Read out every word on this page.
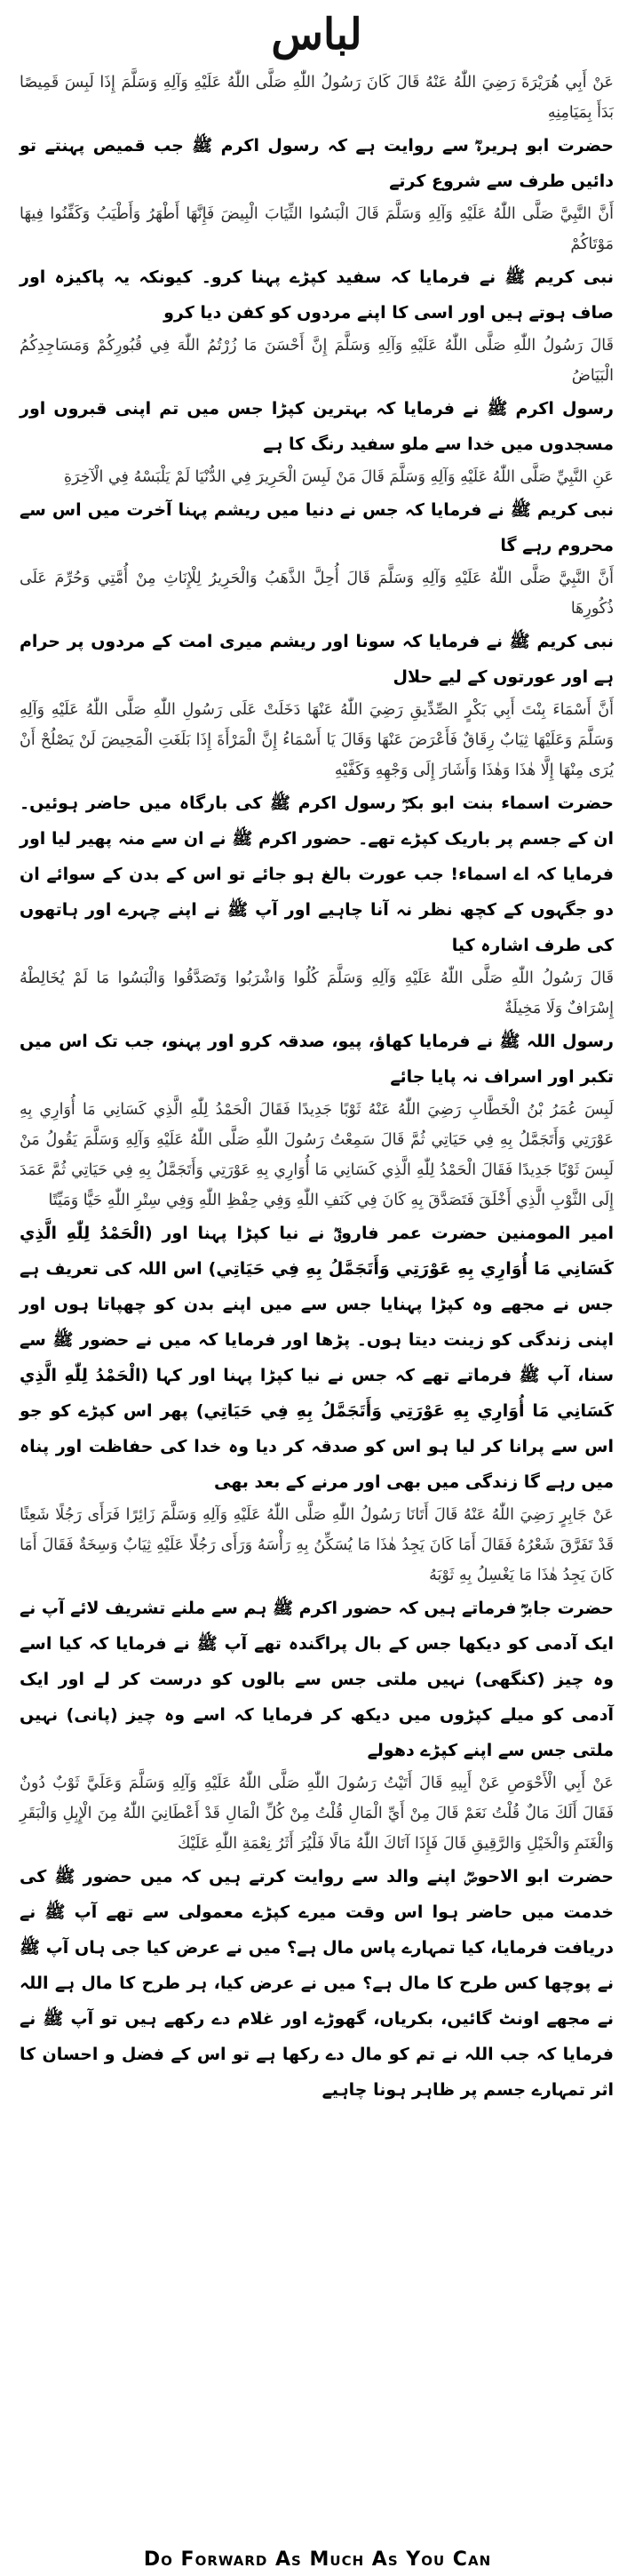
لباس

عَنْ أَبِي هُرَيْرَةَ رَضِيَ اللّٰهُ عَنْهُ قَالَ كَانَ رَسُولُ اللّٰهِ صَلَّى اللّٰهُ عَلَيْهِ وَآلِهِ وَسَلَّمَ إِذَا لَبِسَ قَمِيصًا بَدَأَ بِمَيَامِنِهِ

حضرت ابو ہریرہؓ سے روایت ہے کہ رسول اکرم ﷺ جب قمیص پہنتے تو دائیں طرف سے شروع کرتے

أَنَّ النَّبِيَّ صَلَّى اللّٰهُ عَلَيْهِ وَآلِهِ وَسَلَّمَ قَالَ الْبَسُوا الثِّيَابَ الْبِيضَ فَإِنَّهَا أَطْهَرُ وَأَطْيَبُ وَكَفِّنُوا فِيهَا مَوْتَاكُمْ

نبی کریم ﷺ نے فرمایا کہ سفید کپڑے پہنا کرو۔ کیونکہ یہ پاکیزہ اور صاف ہوتے ہیں اور اسی کا اپنے مردوں کو کفن دیا کرو

قَالَ رَسُولُ اللّٰهِ صَلَّى اللّٰهُ عَلَيْهِ وَآلِهِ وَسَلَّمَ إِنَّ أَحْسَنَ مَا زُرْتُمُ اللّٰهَ فِي قُبُورِكُمْ وَمَسَاجِدِكُمُ الْبَيَاضُ

رسول اکرم ﷺ نے فرمایا کہ بہترین کپڑا جس میں تم اپنی قبروں اور مسجدوں میں خدا سے ملو سفید رنگ کا ہے

عَنِ النَّبِيِّ صَلَّى اللّٰهُ عَلَيْهِ وَآلِهِ وَسَلَّمَ قَالَ مَنْ لَبِسَ الْحَرِيرَ فِي الدُّنْيَا لَمْ يَلْبَسْهُ فِي الْآخِرَةِ

نبی کریم ﷺ نے فرمایا کہ جس نے دنیا میں ریشم پہنا آخرت میں اس سے محروم رہے گا

أَنَّ النَّبِيَّ صَلَّى اللّٰهُ عَلَيْهِ وَآلِهِ وَسَلَّمَ قَالَ أُحِلَّ الذَّهَبُ وَالْحَرِيرُ لِلْإِنَاثِ مِنْ أُمَّتِي وَحُرِّمَ عَلَى ذُكُورِهَا

نبی کریم ﷺ نے فرمایا کہ سونا اور ریشم میری امت کے مردوں پر حرام ہے اور عورتوں کے لیے حلال

أَنَّ أَسْمَاءَ بِنْتَ أَبِي بَكْرٍ الصِّدِّيقِ رَضِيَ اللّٰهُ عَنْهَا دَخَلَتْ عَلَى رَسُولِ اللّٰهِ صَلَّى اللّٰهُ عَلَيْهِ وَآلِهِ وَسَلَّمَ وَعَلَيْهَا ثِيَابٌ رِقَاقٌ فَأَعْرَضَ عَنْهَا وَقَالَ يَا أَسْمَاءُ إِنَّ الْمَرْأَةَ إِذَا بَلَغَتِ الْمَحِيضَ لَنْ يَصْلُحْ أَنْ يُرَى مِنْهَا إِلَّا هٰذَا وَهٰذَا وَأَشَارَ إِلَى وَجْهِهِ وَكَفَّيْهِ

حضرت اسماء بنت ابو بکرؓ رسول اکرم ﷺ کی بارگاہ میں حاضر ہوئیں۔ ان کے جسم پر باریک کپڑے تھے۔ حضور اکرم ﷺ نے ان سے منہ پھیر لیا اور فرمایا کہ اے اسماء! جب عورت بالغ ہو جائے تو اس کے بدن کے سوائے ان دو جگہوں کے کچھ نظر نہ آنا چاہیے اور آپ ﷺ نے اپنے چہرے اور ہاتھوں کی طرف اشارہ کیا

قَالَ رَسُولُ اللّٰهِ صَلَّى اللّٰهُ عَلَيْهِ وَآلِهِ وَسَلَّمَ كُلُوا وَاشْرَبُوا وَتَصَدَّقُوا وَالْبَسُوا مَا لَمْ يُخَالِطْهُ إِسْرَافٌ وَلَا مَخِيلَةٌ

رسول اللہ ﷺ نے فرمایا کھاؤ، پیو، صدقہ کرو اور پہنو، جب تک اس میں تکبر اور اسراف نہ پایا جائے

لَبِسَ عُمَرُ بْنُ الْخَطَّابِ رَضِيَ اللّٰهُ عَنْهُ ثَوْبًا جَدِيدًا فَقَالَ الْحَمْدُ لِلّٰهِ الَّذِي كَسَانِي مَا أُوَارِي بِهِ عَوْرَتِي وَأَتَجَمَّلُ بِهِ فِي حَيَاتِي ثُمَّ قَالَ سَمِعْتُ رَسُولَ اللّٰهِ صَلَّى اللّٰهُ عَلَيْهِ وَآلِهِ وَسَلَّمَ يَقُولُ مَنْ لَبِسَ ثَوْبًا جَدِيدًا فَقَالَ الْحَمْدُ لِلّٰهِ الَّذِي كَسَانِي مَا أُوَارِي بِهِ عَوْرَتِي وَأَتَجَمَّلُ بِهِ فِي حَيَاتِي ثُمَّ عَمَدَ إِلَى الثَّوْبِ الَّذِي أَخْلَقَ فَتَصَدَّقَ بِهِ كَانَ فِي كَنَفِ اللّٰهِ وَفِي حِفْظِ اللّٰهِ وَفِي سِتْرِ اللّٰهِ حَيًّا وَمَيِّتًا

امیر المومنین حضرت عمر فاروقؓ نے نیا کپڑا پہنا اور (الْحَمْدُ لِلّٰهِ الَّذِي كَسَانِي مَا أُوَارِي بِهِ عَوْرَتِي وَأَتَجَمَّلُ بِهِ فِي حَيَاتِي) اس اللہ کی تعریف ہے جس نے مجھے وہ کپڑا پہنایا جس سے میں اپنے بدن کو چھپاتا ہوں اور اپنی زندگی کو زینت دیتا ہوں۔ پڑھا اور فرمایا کہ میں نے حضور ﷺ سے سنا، آپ ﷺ فرماتے تھے کہ جس نے نیا کپڑا پہنا اور کہا (الْحَمْدُ لِلّٰهِ الَّذِي كَسَانِي مَا أُوَارِي بِهِ عَوْرَتِي وَأَتَجَمَّلُ بِهِ فِي حَيَاتِي) پھر اس کپڑے کو جو اس سے پرانا کر لیا ہو اس کو صدقہ کر دیا وہ خدا کی حفاظت اور پناہ میں رہے گا زندگی میں بھی اور مرنے کے بعد بھی

عَنْ جَابِرٍ رَضِيَ اللّٰهُ عَنْهُ قَالَ أَتَانَا رَسُولُ اللّٰهِ صَلَّى اللّٰهُ عَلَيْهِ وَآلِهِ وَسَلَّمَ زَائِرًا فَرَأَى رَجُلًا شَعِثًا قَدْ تَفَرَّقَ شَعْرُهُ فَقَالَ أَمَا كَانَ يَجِدُ هٰذَا مَا يُسَكِّنُ بِهِ رَأْسَهُ وَرَأَى رَجُلًا عَلَيْهِ ثِيَابٌ وَسِخَةٌ فَقَالَ أَمَا كَانَ يَجِدُ هٰذَا مَا يَغْسِلُ بِهِ ثَوْبَهُ

حضرت جابرؓ فرماتے ہیں کہ حضور اکرم ﷺ ہم سے ملنے تشریف لائے آپ نے ایک آدمی کو دیکھا جس کے بال پراگندہ تھے آپ ﷺ نے فرمایا کہ کیا اسے وہ چیز (کنگھی) نہیں ملتی جس سے بالوں کو درست کر لے اور ایک آدمی کو میلے کپڑوں میں دیکھ کر فرمایا کہ اسے وہ چیز (پانی) نہیں ملتی جس سے اپنے کپڑے دھولے

عَنْ أَبِي الْأَحْوَصِ عَنْ أَبِيهِ قَالَ أَتَيْتُ رَسُولَ اللّٰهِ صَلَّى اللّٰهُ عَلَيْهِ وَآلِهِ وَسَلَّمَ وَعَلَيَّ ثَوْبٌ دُونٌ فَقَالَ أَلَكَ مَالٌ قُلْتُ نَعَمْ قَالَ مِنْ أَيِّ الْمَالِ قُلْتُ مِنْ كُلِّ الْمَالِ قَدْ أَعْطَانِيَ اللّٰهُ مِنَ الْإِبِلِ وَالْبَقَرِ وَالْغَنَمِ وَالْخَيْلِ وَالرَّقِيقِ قَالَ فَإِذَا آتَاكَ اللّٰهُ مَالًا فَلْيُرَ أَثَرُ نِعْمَةِ اللّٰهِ عَلَيْكَ

حضرت ابو الاحوصؓ اپنے والد سے روایت کرتے ہیں کہ میں حضور ﷺ کی خدمت میں حاضر ہوا اس وقت میرے کپڑے معمولی سے تھے آپ ﷺ نے دریافت فرمایا، کیا تمہارے پاس مال ہے؟ میں نے عرض کیا جی ہاں آپ ﷺ نے پوچھا کس طرح کا مال ہے؟ میں نے عرض کیا، ہر طرح کا مال ہے اللہ نے مجھے اونٹ گائیں، بکریاں، گھوڑے اور غلام دے رکھے ہیں تو آپ ﷺ نے فرمایا کہ جب اللہ نے تم کو مال دے رکھا ہے تو اس کے فضل و احسان کا اثر تمہارے جسم پر ظاہر ہونا چاہیے

Do Forward As Much As You Can
